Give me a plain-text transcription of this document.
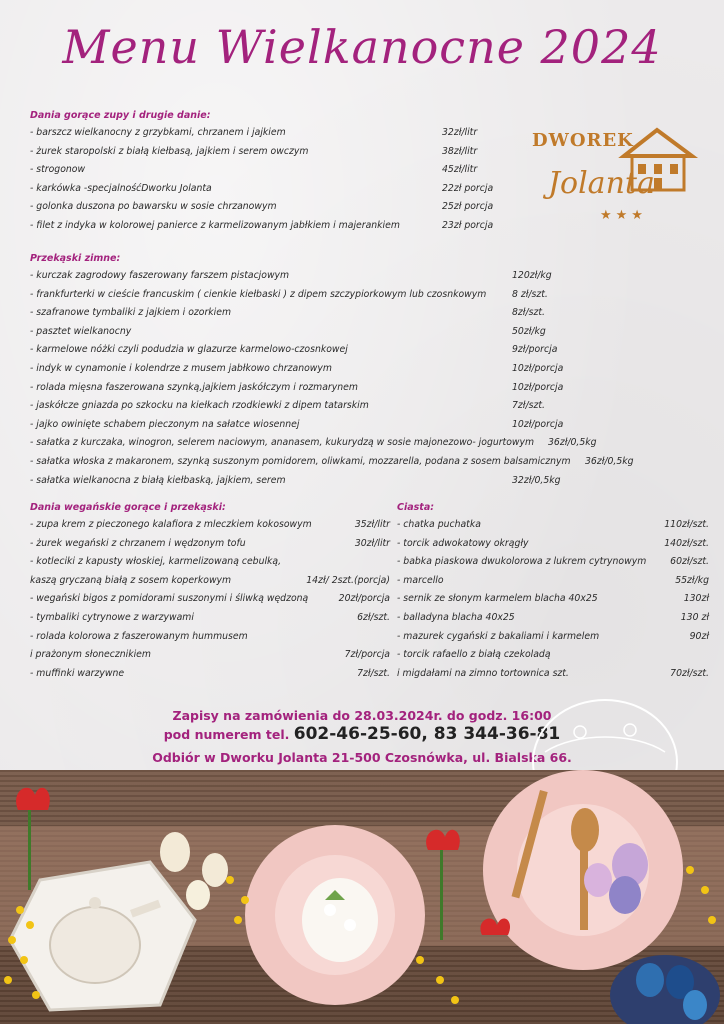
Menu Wielkanocne 2024
DWOREK
Jolanta
★★★
Dania gorące zupy i drugie danie:
- barszcz wielkanocny z grzybkami, chrzanem i jajkiem	32zł/litr
- żurek staropolski z białą kiełbasą, jajkiem i serem owczym	38zł/litr
- strogonow	45zł/litr
- karkówka -specjalnośćDworku Jolanta	22zł porcja
- golonka duszona po bawarsku w sosie chrzanowym	25zł porcja
- filet z indyka w kolorowej panierce z karmelizowanym jabłkiem i majerankiem	23zł porcja
Przekąski zimne:
- kurczak zagrodowy faszerowany farszem pistacjowym	120zł/kg
- frankfurterki w cieście francuskim ( cienkie kiełbaski ) z dipem szczypiorkowym lub czosnkowym	8 zł/szt.
- szafranowe tymbaliki z jajkiem i ozorkiem	8zł/szt.
- pasztet wielkanocny	50zł/kg
- karmelowe nóżki czyli podudzia w glazurze karmelowo-czosnkowej	9zł/porcja
- indyk w cynamonie i kolendrze z musem jabłkowo chrzanowym	10zł/porcja
- rolada mięsna faszerowana szynką,jajkiem jaskółczym i rozmarynem	10zł/porcja
- jaskółcze gniazda po szkocku na kiełkach rzodkiewki z dipem tatarskim	7zł/szt.
- jajko owinięte schabem pieczonym na sałatce wiosennej	10zł/porcja
- sałatka z kurczaka, winogron, selerem naciowym, ananasem, kukurydzą w sosie majonezowo- jogurtowym 36zł/0,5kg
- sałatka włoska z makaronem, szynką suszonym pomidorem, oliwkami, mozzarella, podana z sosem balsamicznym 36zł/0,5kg
- sałatka wielkanocna z białą kiełbaską, jajkiem, serem	32zł/0,5kg
Dania wegańskie gorące i przekąski:
- zupa krem z pieczonego kalafiora z mleczkiem kokosowym	35zł/litr
- żurek wegański z chrzanem i wędzonym tofu	30zł/litr
- kotleciki z kapusty włoskiej, karmelizowaną cebulką,
kaszą gryczaną białą z sosem koperkowym	14zł/ 2szt.(porcja)
- wegański bigos z pomidorami suszonymi i śliwką wędzoną	20zł/porcja
- tymbaliki cytrynowe z warzywami	6zł/szt.
- rolada kolorowa z faszerowanym hummusem
i prażonym słonecznikiem	7zł/porcja
- muffinki warzywne	7zł/szt.
Ciasta:
- chatka puchatka	110zł/szt.
- torcik adwokatowy okrągły	140zł/szt.
- babka piaskowa dwukolorowa z lukrem cytrynowym	60zł/szt.
- marcello	55zł/kg
- sernik ze słonym karmelem blacha 40x25	130zł
- balladyna blacha 40x25	130 zł
- mazurek cygański z bakaliami i karmelem	90zł
- torcik rafaello z białą czekoladą
i migdałami na zimno tortownica szt.	70zł/szt.
Zapisy na zamówienia do 28.03.2024r. do godz. 16:00
pod numerem tel. 602-46-25-60, 83 344-36-81
Odbiór w Dworku Jolanta 21-500 Czosnówka, ul. Bialska 66.
